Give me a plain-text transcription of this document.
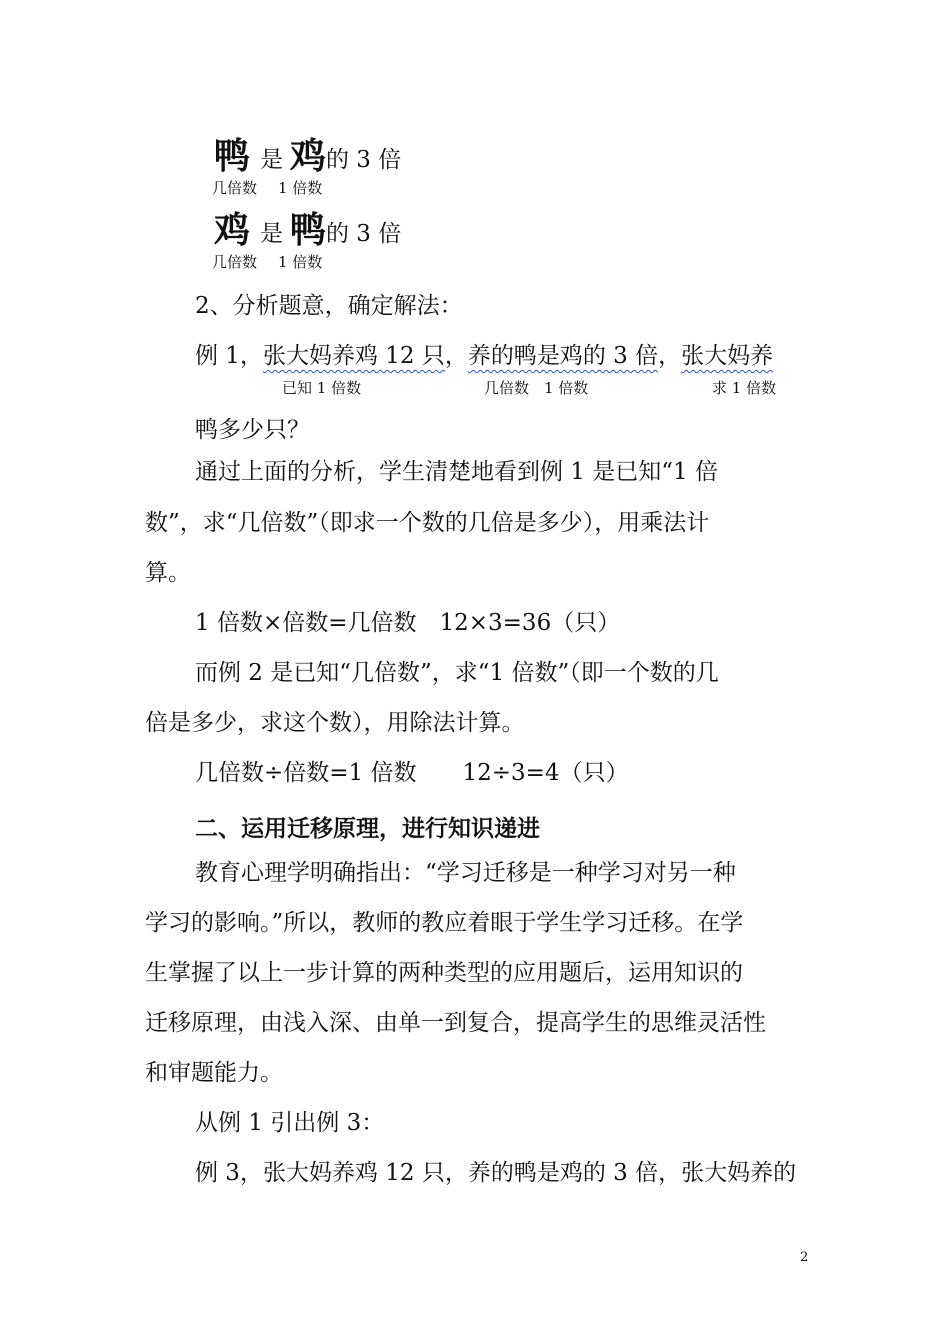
鸭 是 鸡 的 3 倍
几倍数 1 倍数
鸡 是 鸭 的 3 倍
几倍数 1 倍数
2、分析题意，确定解法：
例 1，张大妈养鸡 12 只，养的鸭是鸡的 3 倍，张大妈养
已知 1 倍数	几倍数　1 倍数	求 1 倍数
鸭多少只？
通过上面的分析，学生清楚地看到例 1 是已知“1 倍
数”，求“几倍数”（即求一个数的几倍是多少），用乘法计
算。
1 倍数×倍数=几倍数　12×3=36（只）
而例 2 是已知“几倍数”，求“1 倍数”（即一个数的几
倍是多少，求这个数），用除法计算。
几倍数÷倍数=1 倍数　　12÷3=4（只）
二、运用迁移原理，进行知识递进
教育心理学明确指出：“学习迁移是一种学习对另一种
学习的影响。”所以，教师的教应着眼于学生学习迁移。在学
生掌握了以上一步计算的两种类型的应用题后，运用知识的
迁移原理，由浅入深、由单一到复合，提高学生的思维灵活性
和审题能力。
从例 1 引出例 3：
例 3，张大妈养鸡 12 只，养的鸭是鸡的 3 倍，张大妈养的
2
